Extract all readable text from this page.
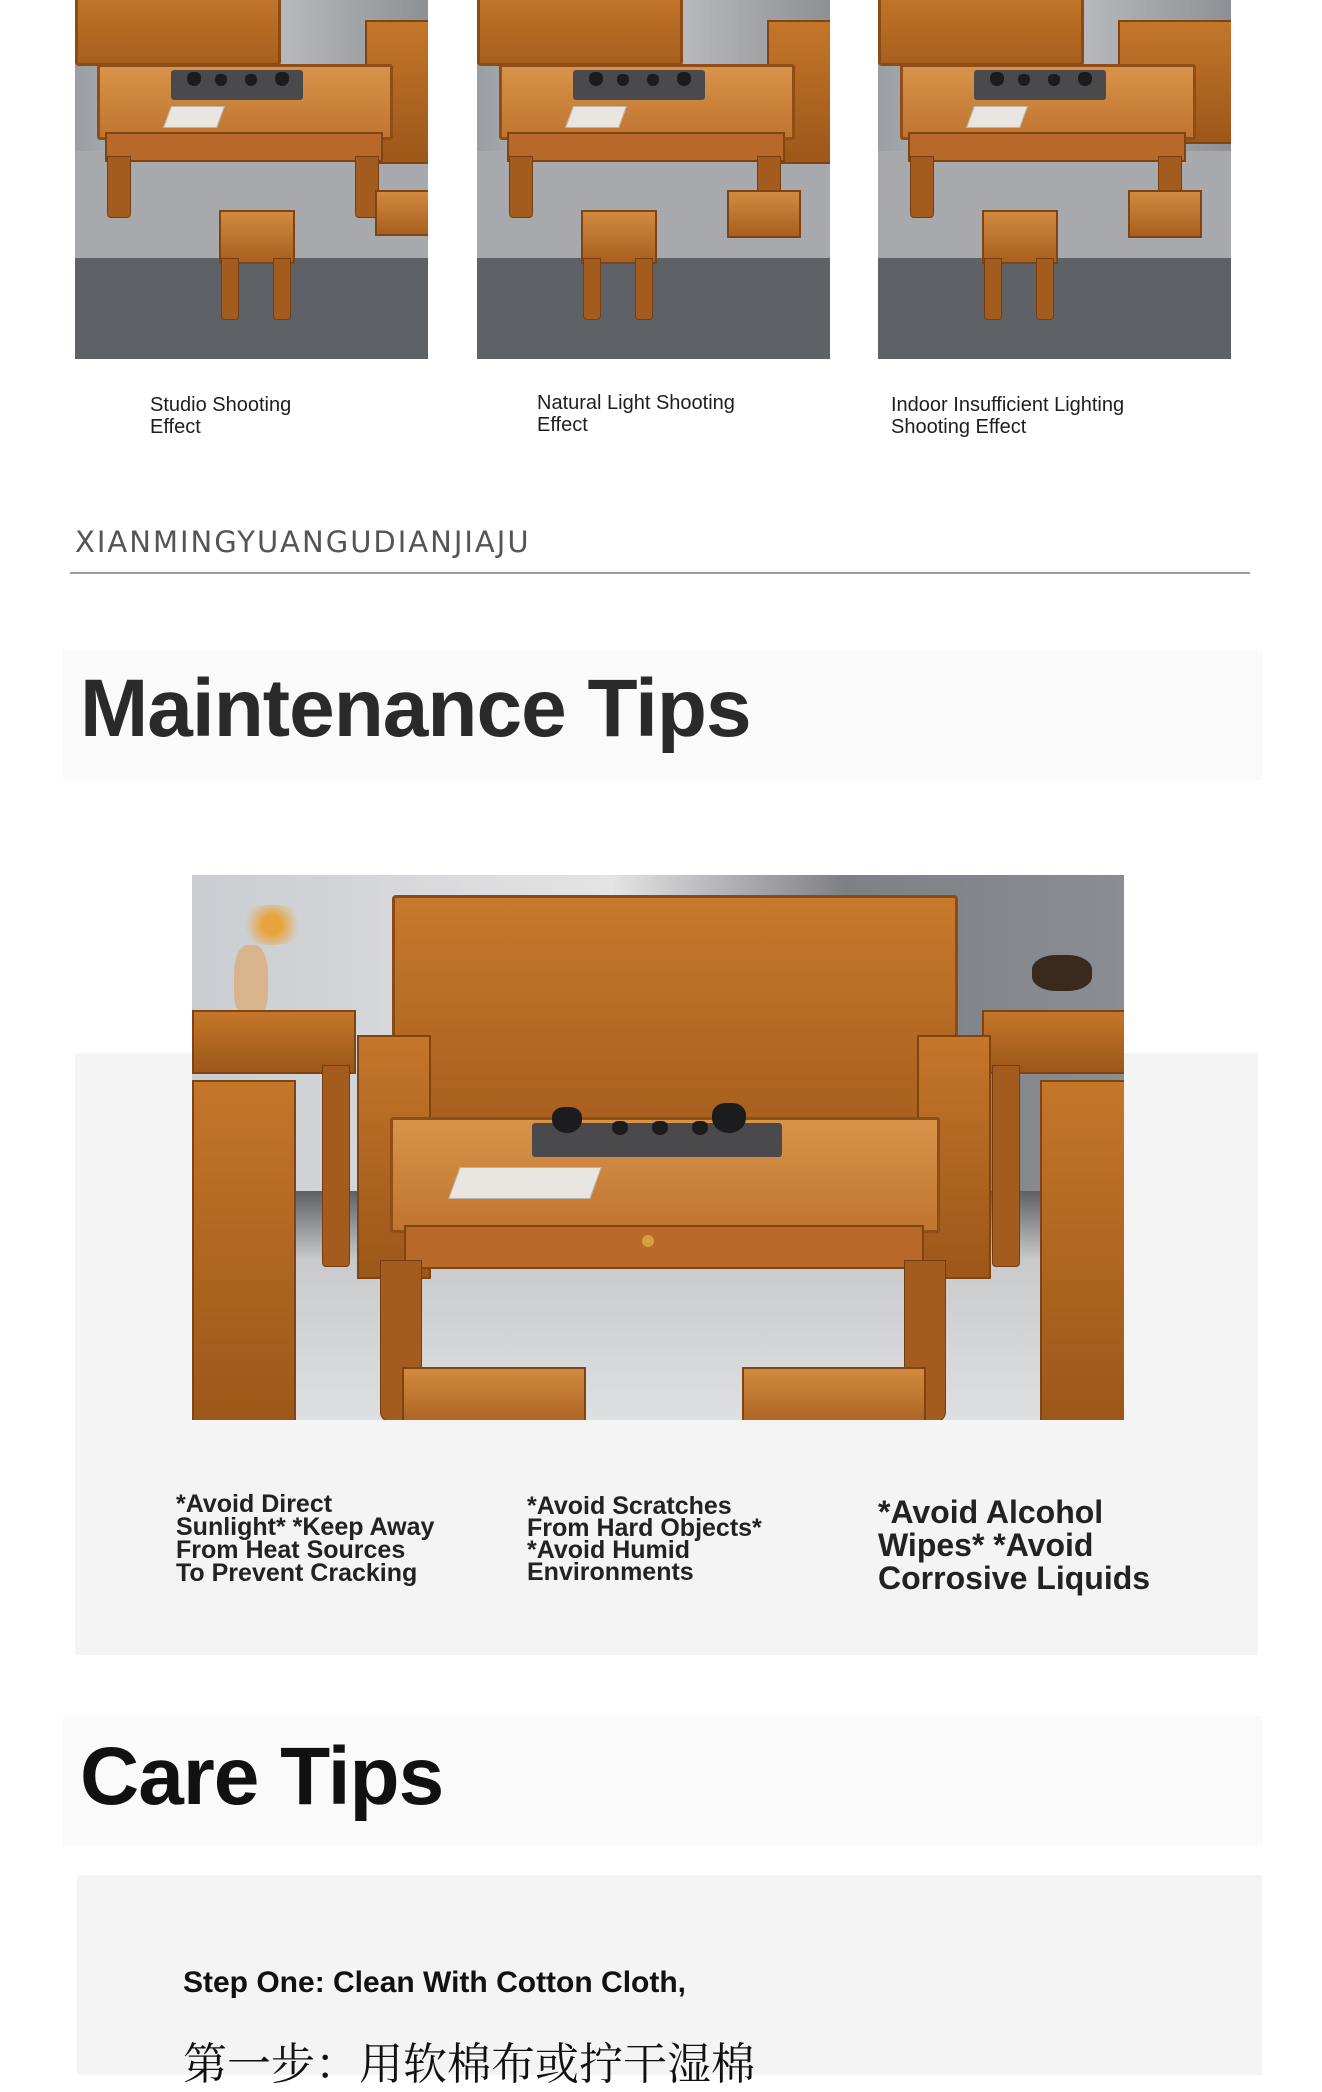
Studio Shooting
Effect
Natural Light Shooting
Effect
Indoor Insufficient Lighting
Shooting Effect
XIANMINGYUANGUDIANJIAJU
Maintenance Tips
*Avoid Direct
Sunlight* *Keep Away
From Heat Sources
To Prevent Cracking
*Avoid Scratches
From Hard Objects*
*Avoid Humid
Environments
*Avoid Alcohol
Wipes* *Avoid
Corrosive Liquids
Care Tips
Step One: Clean With Cotton Cloth,
第一步：用软棉布或拧干湿棉
